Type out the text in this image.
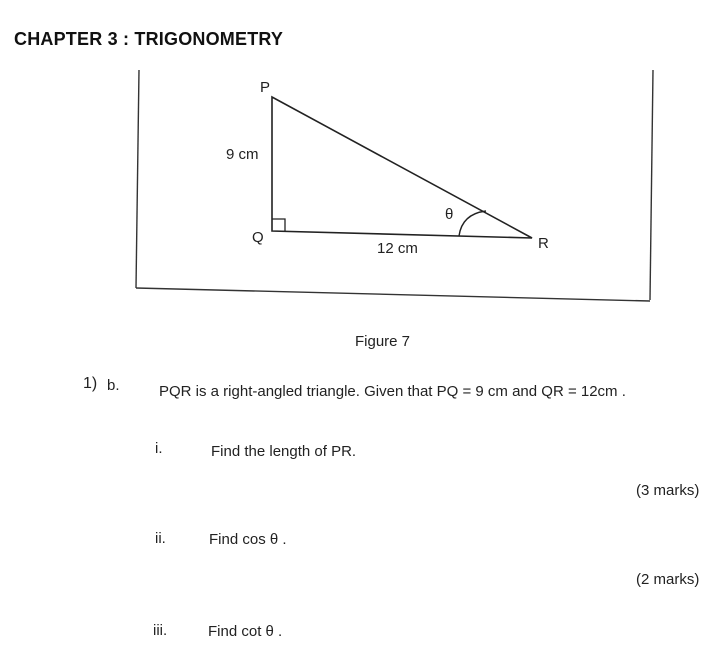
CHAPTER 3 : TRIGONOMETRY
P
Q	R
9 cm
12 cm
θ
Figure 7
1) b.	PQR is a right-angled triangle. Given that PQ = 9 cm and QR = 12cm .
i.	Find the length of PR.
(3 marks)
ii.	Find cos θ .
(2 marks)
iii.	Find cot θ .
